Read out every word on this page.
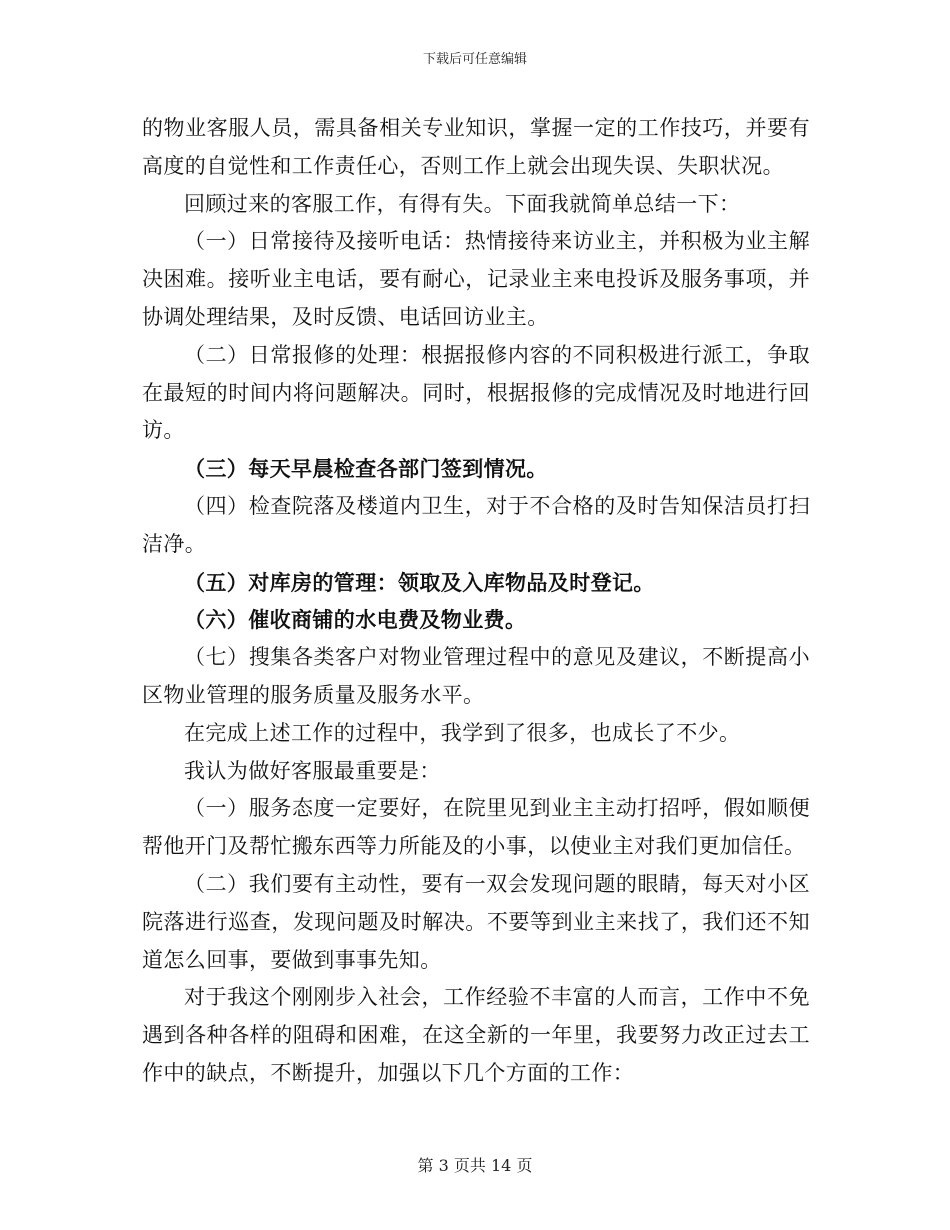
下载后可任意编辑

的物业客服人员，需具备相关专业知识，掌握一定的工作技巧，并要有高度的自觉性和工作责任心，否则工作上就会出现失误、失职状况。

回顾过来的客服工作，有得有失。下面我就简单总结一下：

（一）日常接待及接听电话：热情接待来访业主，并积极为业主解决困难。接听业主电话，要有耐心，记录业主来电投诉及服务事项，并协调处理结果，及时反馈、电话回访业主。

（二）日常报修的处理：根据报修内容的不同积极进行派工，争取在最短的时间内将问题解决。同时，根据报修的完成情况及时地进行回访。

（三）每天早晨检查各部门签到情况。

（四）检查院落及楼道内卫生，对于不合格的及时告知保洁员打扫洁净。

（五）对库房的管理：领取及入库物品及时登记。

（六）催收商铺的水电费及物业费。

（七）搜集各类客户对物业管理过程中的意见及建议，不断提高小区物业管理的服务质量及服务水平。

在完成上述工作的过程中，我学到了很多，也成长了不少。

我认为做好客服最重要是：

（一）服务态度一定要好，在院里见到业主主动打招呼，假如顺便帮他开门及帮忙搬东西等力所能及的小事，以使业主对我们更加信任。

（二）我们要有主动性，要有一双会发现问题的眼睛，每天对小区院落进行巡查，发现问题及时解决。不要等到业主来找了，我们还不知道怎么回事，要做到事事先知。

对于我这个刚刚步入社会，工作经验不丰富的人而言，工作中不免遇到各种各样的阻碍和困难，在这全新的一年里，我要努力改正过去工作中的缺点，不断提升，加强以下几个方面的工作：

第 3 页共 14 页
